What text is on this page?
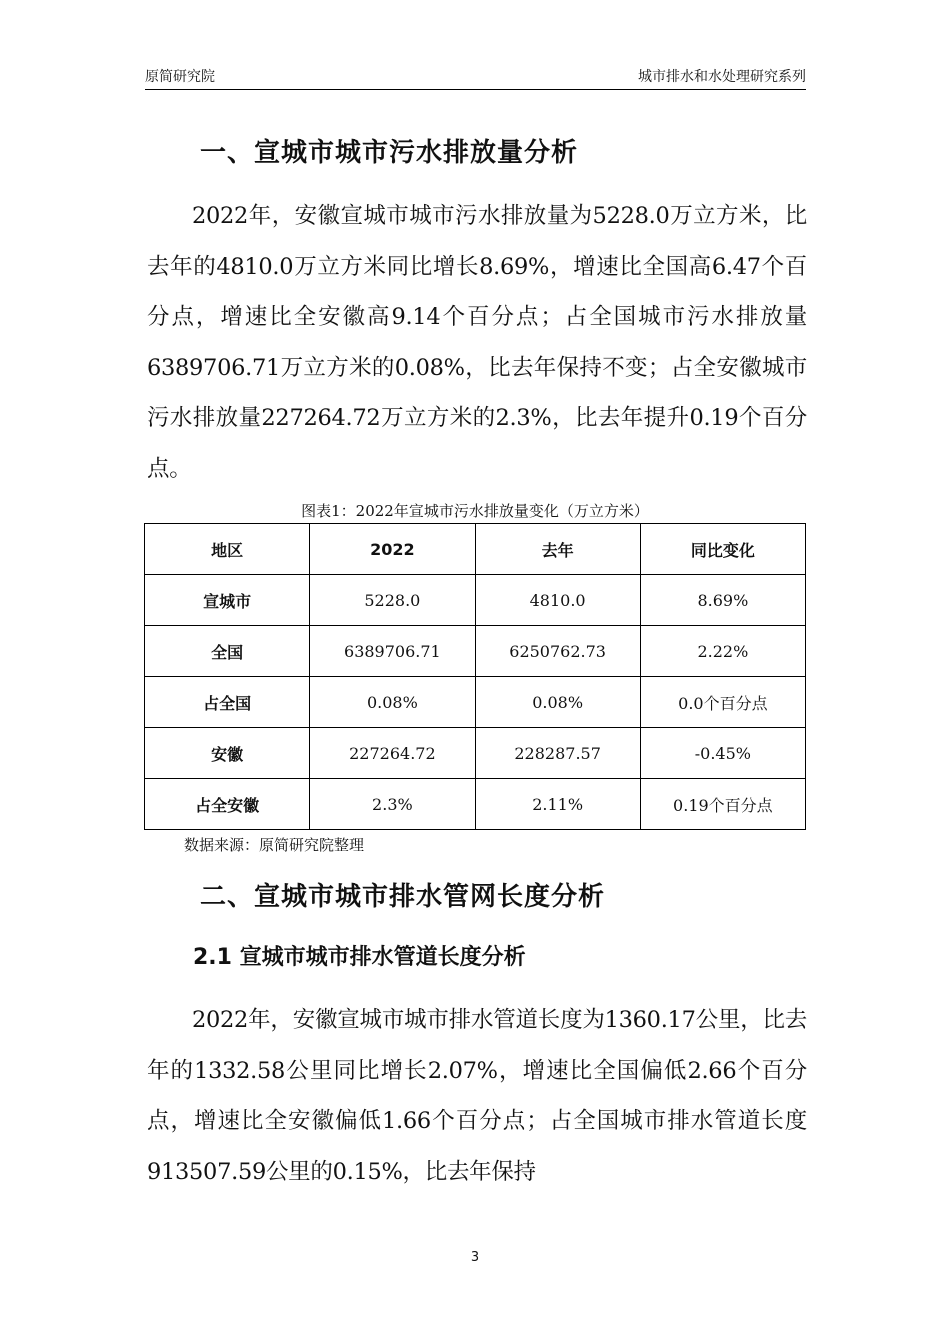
原简研究院	城市排水和水处理研究系列
一、宣城市城市污水排放量分析

2022年，安徽宣城市城市污水排放量为5228.0万立方米，比去年的4810.0万立方米同比增长8.69%，增速比全国高6.47个百分点，增速比全安徽高9.14个百分点；占全国城市污水排放量6389706.71万立方米的0.08%，比去年保持不变；占全安徽城市污水排放量227264.72万立方米的2.3%，比去年提升0.19个百分点。

图表1：2022年宣城市污水排放量变化（万立方米）
地区	2022	去年	同比变化
宣城市	5228.0	4810.0	8.69%
全国	6389706.71	6250762.73	2.22%
占全国	0.08%	0.08%	0.0个百分点
安徽	227264.72	228287.57	-0.45%
占全安徽	2.3%	2.11%	0.19个百分点
数据来源：原简研究院整理
二、宣城市城市排水管网长度分析
2.1 宣城市城市排水管道长度分析

2022年，安徽宣城市城市排水管道长度为1360.17公里，比去年的1332.58公里同比增长2.07%，增速比全国偏低2.66个百分点，增速比全安徽偏低1.66个百分点；占全国城市排水管道长度913507.59公里的0.15%，比去年保持

3
